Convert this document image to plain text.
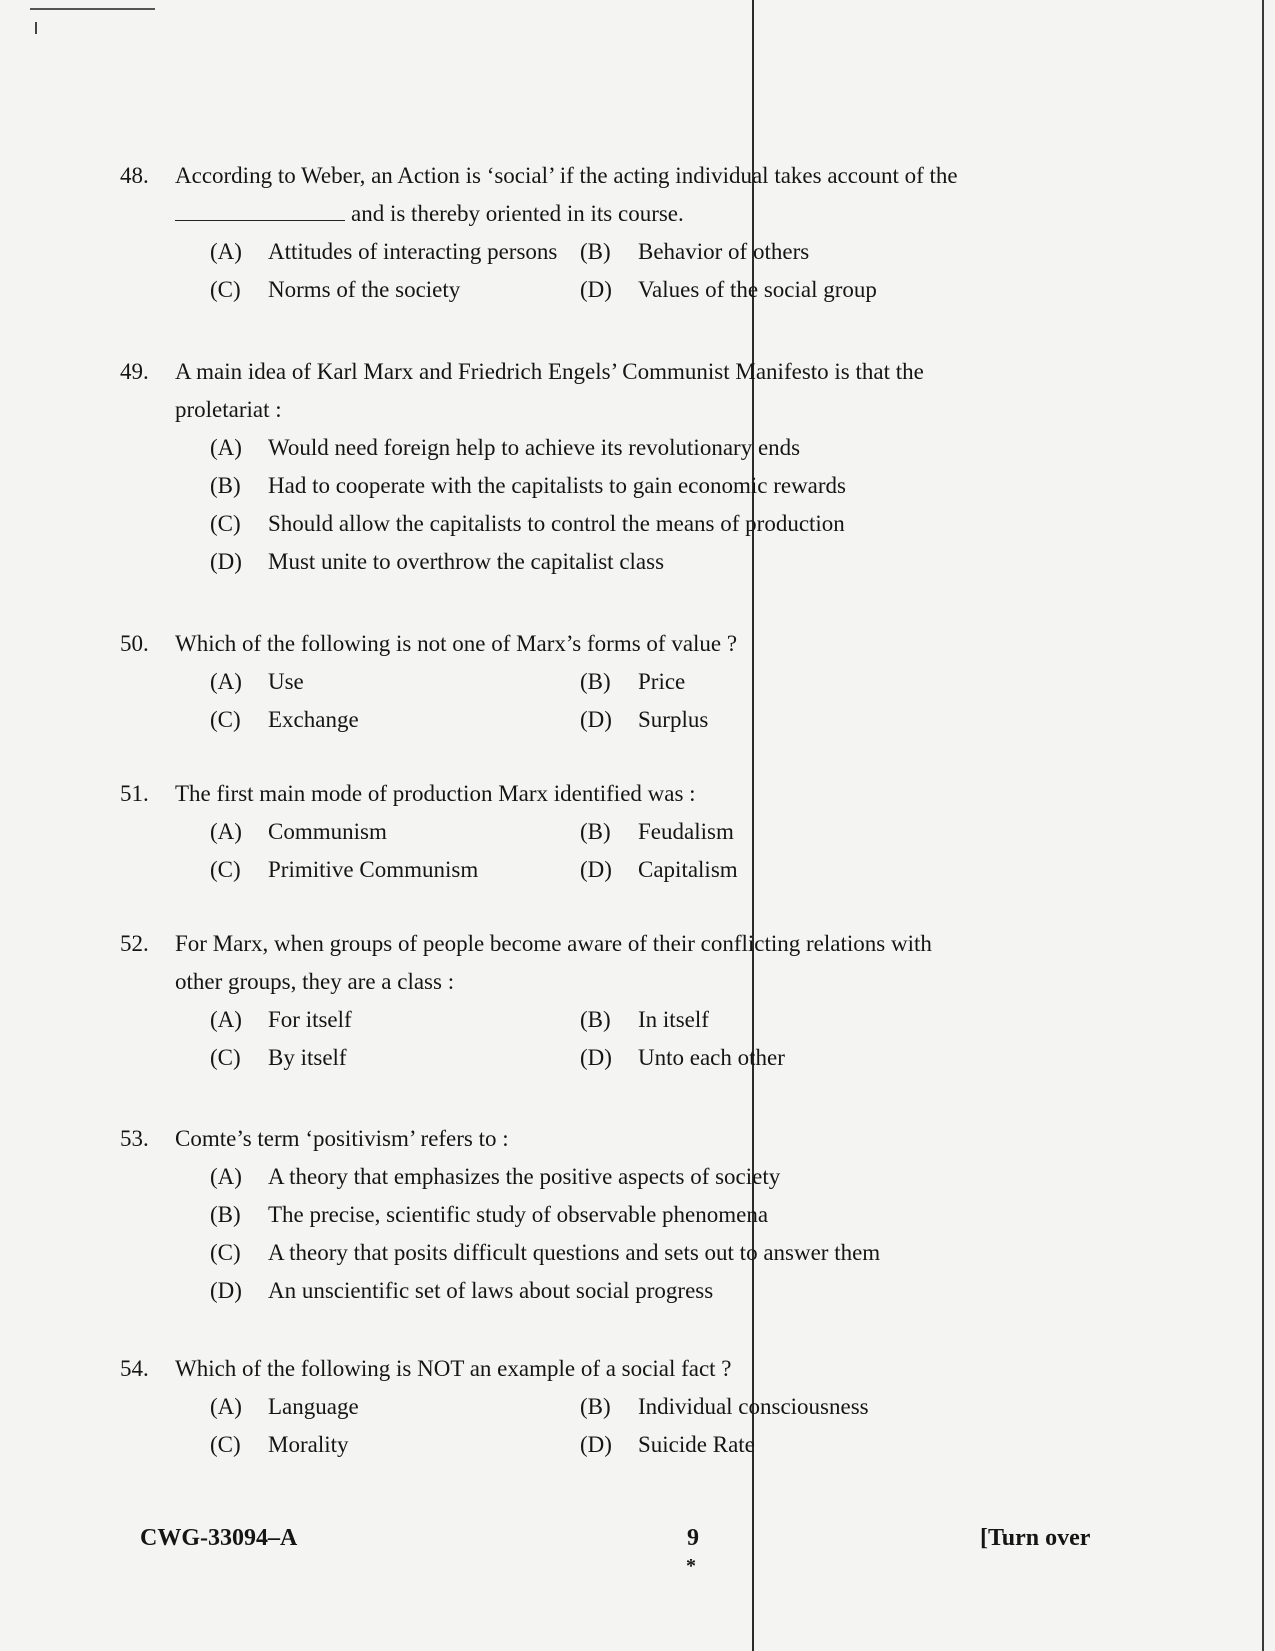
48.	According to Weber, an Action is ‘social’ if the acting individual takes account of the
and is thereby oriented in its course.
(A)	Attitudes of interacting persons (B)	Behavior of others
(C)	Norms of the society	(D)	Values of the social group
49.	A main idea of Karl Marx and Friedrich Engels’ Communist Manifesto is that the proletariat :
(A)	Would need foreign help to achieve its revolutionary ends
(B)	Had to cooperate with the capitalists to gain economic rewards
(C)	Should allow the capitalists to control the means of production
(D)	Must unite to overthrow the capitalist class
50.	Which of the following is not one of Marx’s forms of value ?
(A)	Use	(B)	Price
(C)	Exchange	(D)	Surplus
51.	The first main mode of production Marx identified was :
(A)	Communism	(B)	Feudalism
(C)	Primitive Communism	(D)	Capitalism
52.	For Marx, when groups of people become aware of their conflicting relations with other groups, they are a class :
(A)	For itself	(B)	In itself
(C)	By itself	(D)	Unto each other
53.	Comte’s term ‘positivism’ refers to :
(A)	A theory that emphasizes the positive aspects of society
(B)	The precise, scientific study of observable phenomena
(C)	A theory that posits difficult questions and sets out to answer them
(D)	An unscientific set of laws about social progress
54.	Which of the following is NOT an example of a social fact ?
(A)	Language	(B)	Individual consciousness
(C)	Morality	(D)	Suicide Rate
CWG-33094–A	9
*
[Turn over
